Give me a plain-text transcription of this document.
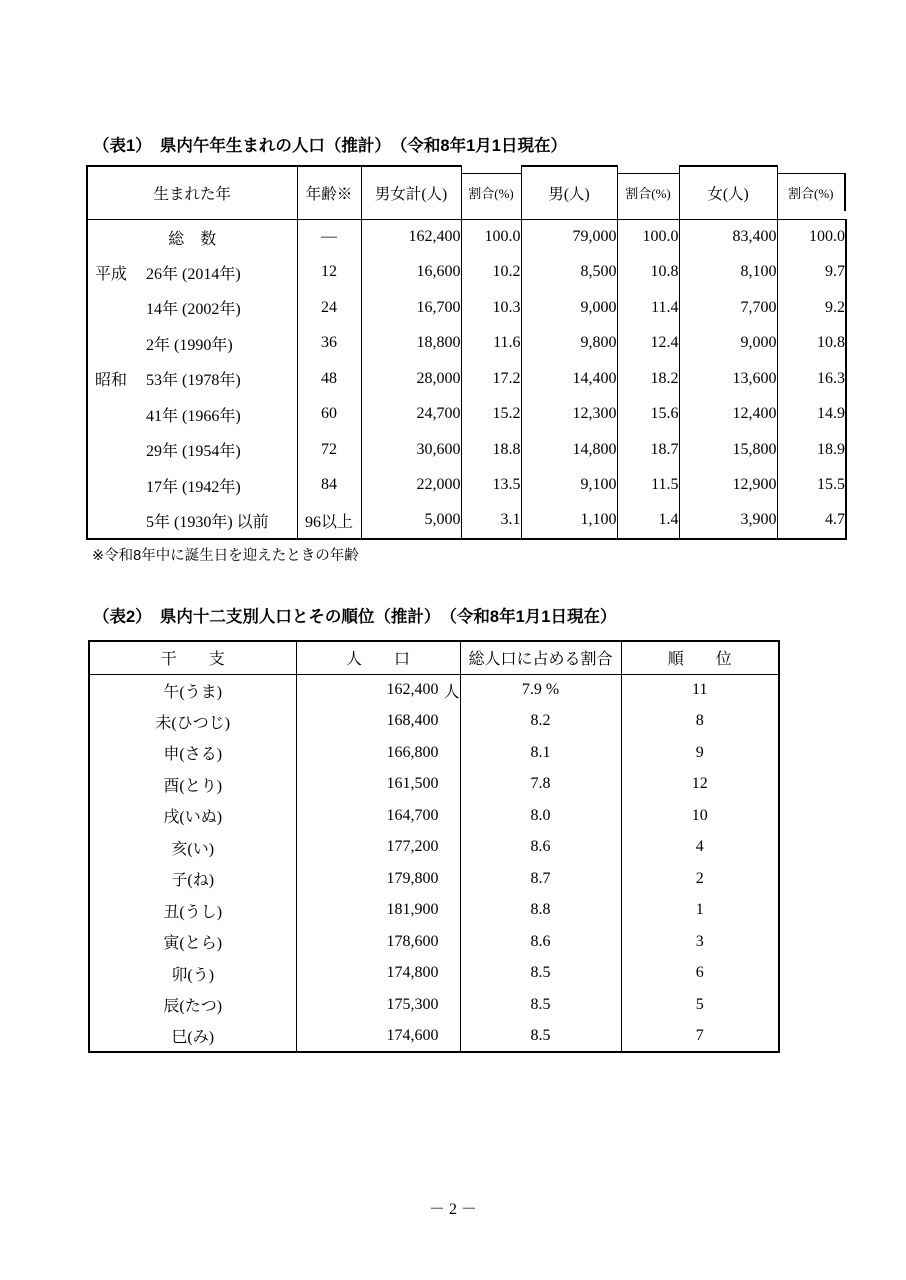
（表1）　県内午年生まれの人口（推計）　（令和8年1月1日現在）
生まれた年	年齢※	男女計(人)	割合(%)	男(人)	割合(%)	女(人)	割合(%)

総　数	―	162,400	100.0	79,000	100.0	83,400	100.0

平成 26年 (2014年)	12	16,600	10.2	8,500	10.8	8,100	9.7

14年 (2002年)	24	16,700	10.3	9,000	11.4	7,700	9.2

2年 (1990年)	36	18,800	11.6	9,800	12.4	9,000	10.8

昭和 53年 (1978年)	48	28,000	17.2	14,400	18.2	13,600	16.3

41年 (1966年)	60	24,700	15.2	12,300	15.6	12,400	14.9

29年 (1954年)	72	30,600	18.8	14,800	18.7	15,800	18.9

17年 (1942年)	84	22,000	13.5	9,100	11.5	12,900	15.5

5年 (1930年) 以前	96以上	5,000	3.1	1,100	1.4	3,900	4.7
※令和8年中に誕生日を迎えたときの年齢
（表2）　県内十二支別人口とその順位（推計）　（令和8年1月1日現在）
干　　支	人　　口	総人口に占める割合	順　　位
午(うま)	162,400 人	7.9 %	11
未(ひつじ)	168,400	8.2	8
申(さる)	166,800	8.1	9
酉(とり)	161,500	7.8	12
戌(いぬ)	164,700	8.0	10
亥(い)	177,200	8.6	4
子(ね)	179,800	8.7	2
丑(うし)	181,900	8.8	1
寅(とら)	178,600	8.6	3
卯(う)	174,800	8.5	6
辰(たつ)	175,300	8.5	5
巳(み)	174,600	8.5	7
－ 2 －
